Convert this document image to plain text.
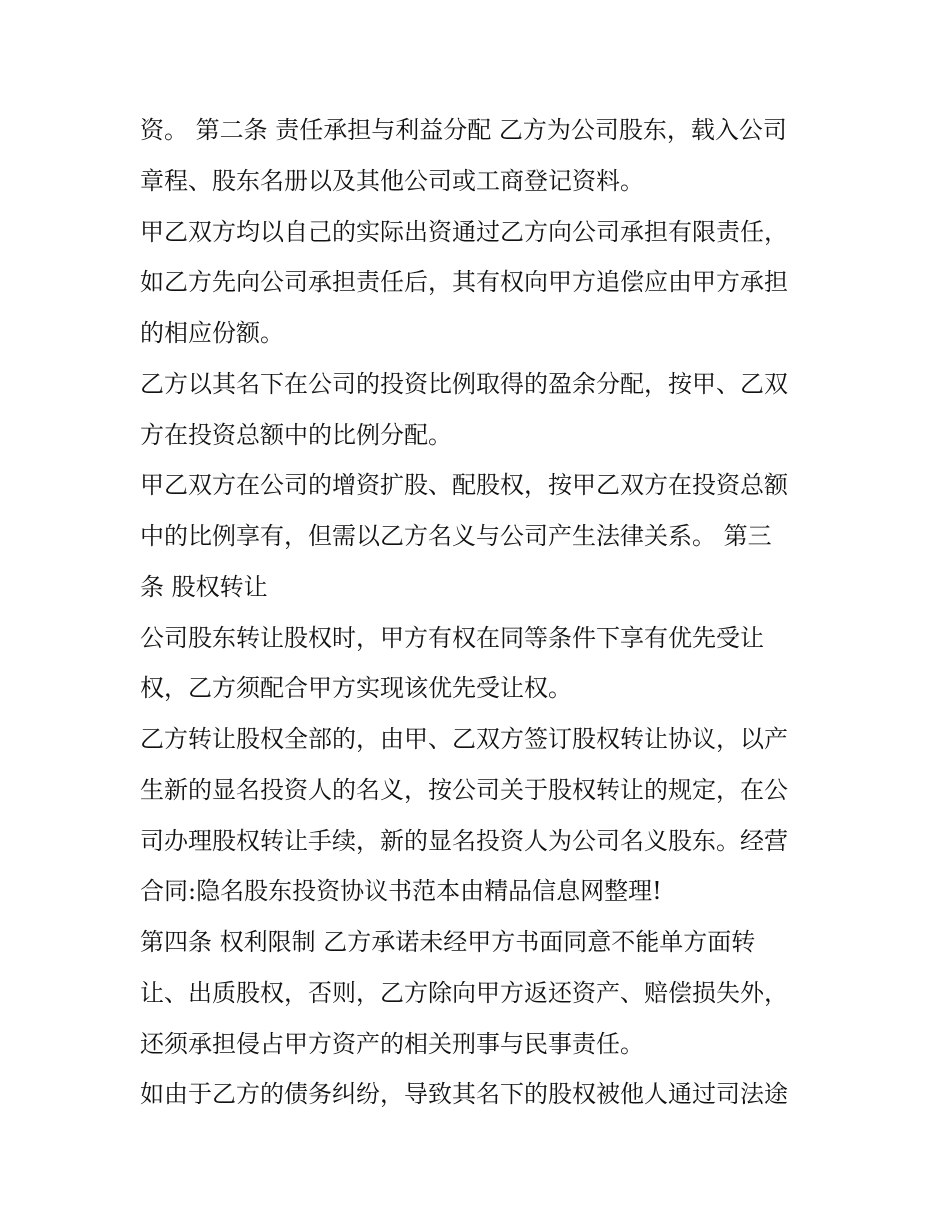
资。 第二条 责任承担与利益分配 乙方为公司股东，载入公司
章程、股东名册以及其他公司或工商登记资料。
甲乙双方均以自己的实际出资通过乙方向公司承担有限责任，
如乙方先向公司承担责任后，其有权向甲方追偿应由甲方承担
的相应份额。
乙方以其名下在公司的投资比例取得的盈余分配，按甲、乙双
方在投资总额中的比例分配。
甲乙双方在公司的增资扩股、配股权，按甲乙双方在投资总额
中的比例享有，但需以乙方名义与公司产生法律关系。 第三
条 股权转让
公司股东转让股权时，甲方有权在同等条件下享有优先受让
权，乙方须配合甲方实现该优先受让权。
乙方转让股权全部的，由甲、乙双方签订股权转让协议，以产
生新的显名投资人的名义，按公司关于股权转让的规定，在公
司办理股权转让手续，新的显名投资人为公司名义股东。经营
合同:隐名股东投资协议书范本由精品信息网整理!
第四条 权利限制 乙方承诺未经甲方书面同意不能单方面转
让、出质股权，否则，乙方除向甲方返还资产、赔偿损失外，
还须承担侵占甲方资产的相关刑事与民事责任。
如由于乙方的债务纠纷，导致其名下的股权被他人通过司法途
